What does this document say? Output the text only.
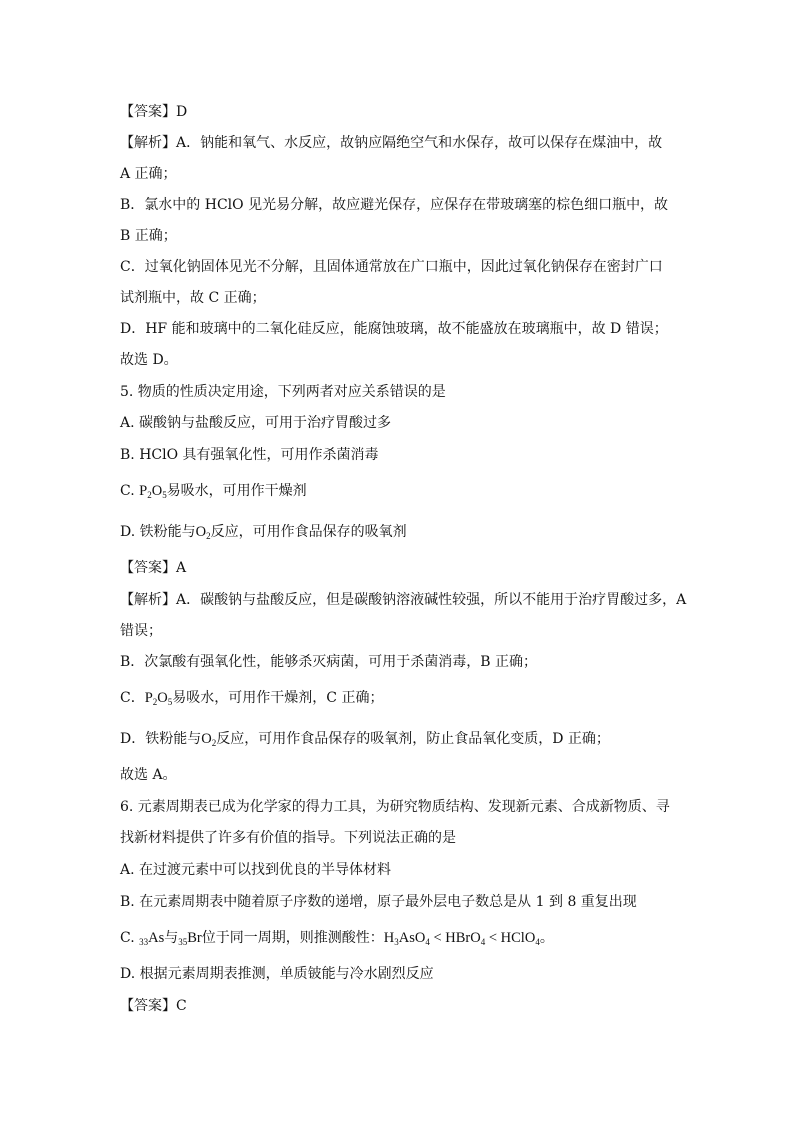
【答案】D
【解析】A．钠能和氧气、水反应，故钠应隔绝空气和水保存，故可以保存在煤油中，故
A 正确；
B．氯水中的 HClO 见光易分解，故应避光保存，应保存在带玻璃塞的棕色细口瓶中，故
B 正确；
C．过氧化钠固体见光不分解，且固体通常放在广口瓶中，因此过氧化钠保存在密封广口
试剂瓶中，故 C 正确；
D．HF 能和玻璃中的二氧化硅反应，能腐蚀玻璃，故不能盛放在玻璃瓶中，故 D 错误；
故选 D。
5. 物质的性质决定用途，下列两者对应关系错误的是
A. 碳酸钠与盐酸反应，可用于治疗胃酸过多
B. HClO 具有强氧化性，可用作杀菌消毒
C. $P_2O_5$易吸水，可用作干燥剂
D. 铁粉能与$O_2$反应，可用作食品保存的吸氧剂
【答案】A
【解析】A．碳酸钠与盐酸反应，但是碳酸钠溶液碱性较强，所以不能用于治疗胃酸过多，A
错误；
B．次氯酸有强氧化性，能够杀灭病菌，可用于杀菌消毒，B 正确；
C．$P_2O_5$易吸水，可用作干燥剂，C 正确；
D．铁粉能与$O_2$反应，可用作食品保存的吸氧剂，防止食品氧化变质，D 正确；
故选 A。
6. 元素周期表已成为化学家的得力工具，为研究物质结构、发现新元素、合成新物质、寻
找新材料提供了许多有价值的指导。下列说法正确的是
A. 在过渡元素中可以找到优良的半导体材料
B. 在元素周期表中随着原子序数的递增，原子最外层电子数总是从 1 到 8 重复出现
C. $_{33}$As与$_{35}$Br位于同一周期，则推测酸性：$H_3AsO_4$ < HBrO$_4$ < HClO$_4$。
D. 根据元素周期表推测，单质铍能与冷水剧烈反应
【答案】C
